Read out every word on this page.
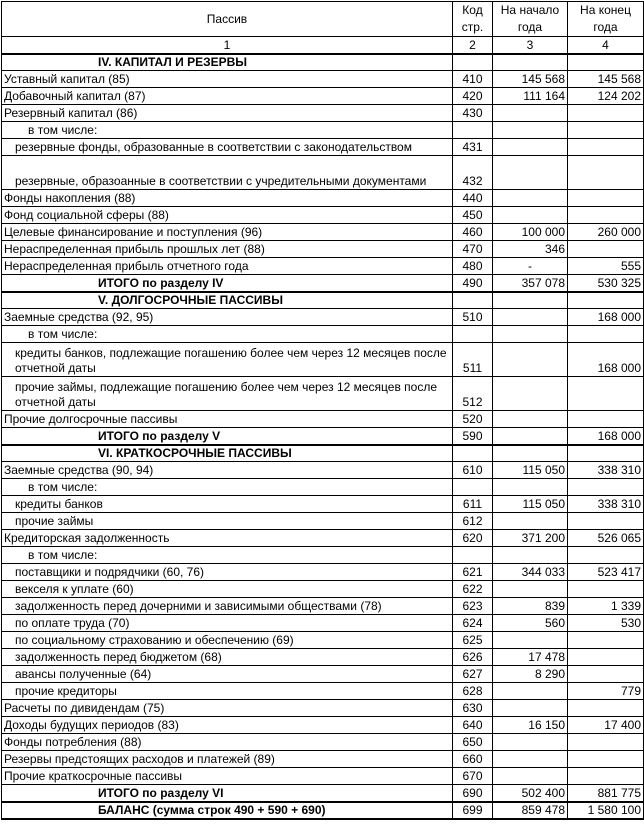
Пассив	Код стр.	На начало года	На конец года
1	2	3	4
IV. КАПИТАЛ И РЕЗЕРВЫ			
Уставный капитал (85)	410	145 568	145 568
Добавочный капитал (87)	420	111 164	124 202
Резервный капитал (86)	430		
в том числе:			
резервные фонды, образованные в соответствии с законодательством	431		
резервные, образоанные в соответствии с учредительными документами	432		
Фонды накопления (88)	440		
Фонд социальной сферы (88)	450		
Целевые финансирование и поступления (96)	460	100 000	260 000
Нераспределенная прибыль прошлых лет (88)	470	346	
Нераспределенная прибыль отчетного года	480	-	555
ИТОГО по разделу IV	490	357 078	530 325
V. ДОЛГОСРОЧНЫЕ ПАССИВЫ			
Заемные средства (92, 95)	510		168 000
в том числе:			
кредиты банков, подлежащие погашению более чем через 12 месяцев после отчетной даты	511		168 000
прочие займы, подлежащие погашению более чем через 12 месяцев после отчетной даты	512		
Прочие долгосрочные пассивы	520		
ИТОГО по разделу V	590		168 000
VI. КРАТКОСРОЧНЫЕ ПАССИВЫ			
Заемные средства (90, 94)	610	115 050	338 310
в том числе:			
кредиты банков	611	115 050	338 310
прочие займы	612		
Кредиторская задолженность	620	371 200	526 065
в том числе:			
поставщики и подрядчики (60, 76)	621	344 033	523 417
векселя к уплате (60)	622		
задолженность перед дочерними и зависимыми обществами (78)	623	839	1 339
по оплате труда (70)	624	560	530
по социальному страхованию и обеспечению (69)	625		
задолженность перед бюджетом (68)	626	17 478	
авансы полученные (64)	627	8 290	
прочие кредиторы	628		779
Расчеты по дивидендам (75)	630		
Доходы будущих периодов (83)	640	16 150	17 400
Фонды потребления (88)	650		
Резервы предстоящих расходов и платежей (89)	660		
Прочие краткосрочные пассивы	670		
ИТОГО по разделу VI	690	502 400	881 775
БАЛАНС (сумма строк 490 + 590 + 690)	699	859 478	1 580 100
